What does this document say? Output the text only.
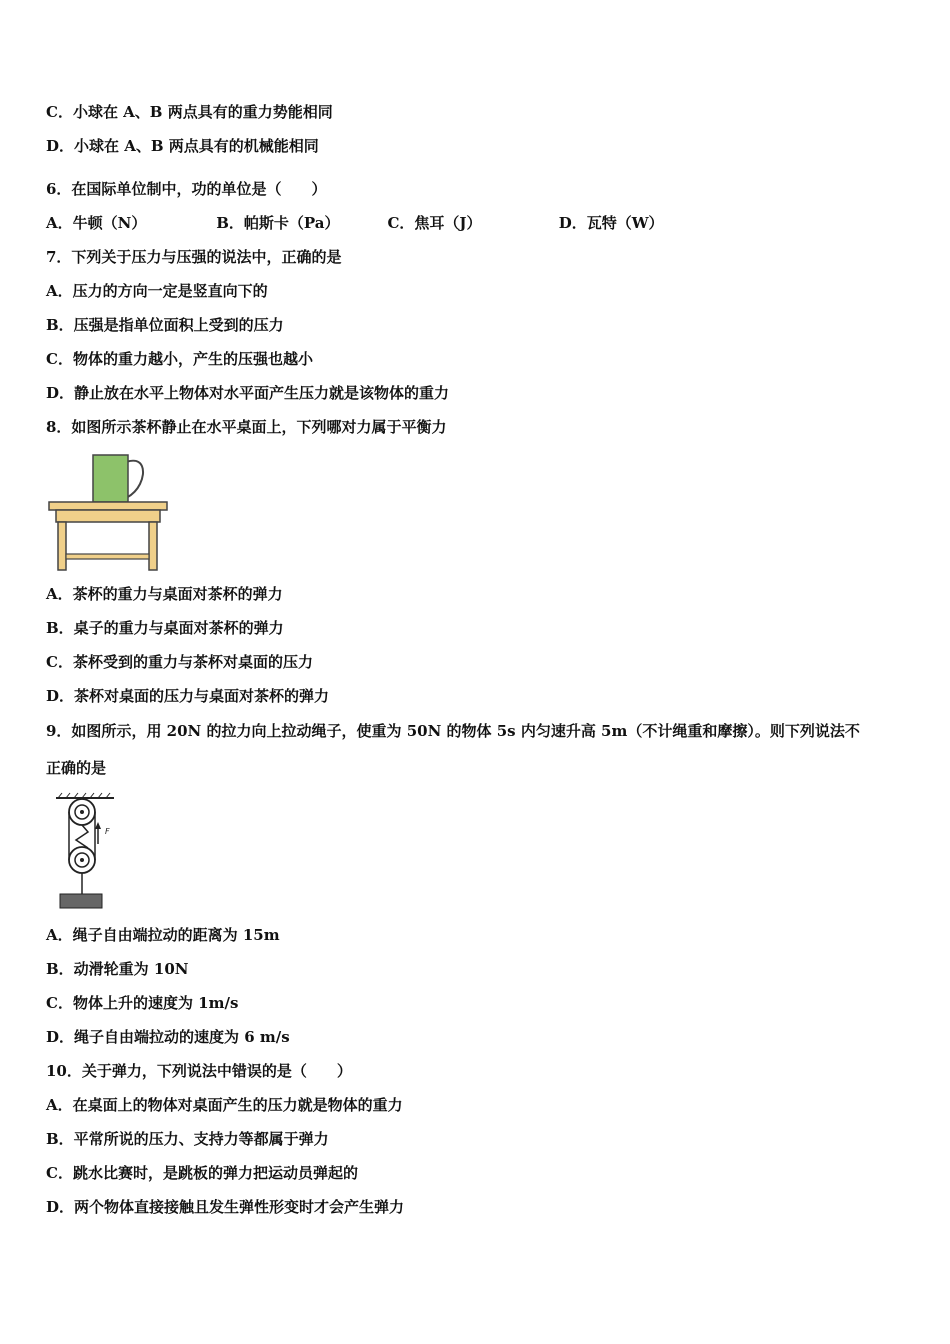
C．小球在 A、B 两点具有的重力势能相同
D．小球在 A、B 两点具有的机械能相同
6．在国际单位制中，功的单位是（　　）
A．牛顿（N）	B．帕斯卡（Pa）	C．焦耳（J）	D．瓦特（W）
7．下列关于压力与压强的说法中，正确的是
A．压力的方向一定是竖直向下的
B．压强是指单位面积上受到的压力
C．物体的重力越小，产生的压强也越小
D．静止放在水平上物体对水平面产生压力就是该物体的重力
8．如图所示茶杯静止在水平桌面上，下列哪对力属于平衡力
A．茶杯的重力与桌面对茶杯的弹力
B．桌子的重力与桌面对茶杯的弹力
C．茶杯受到的重力与茶杯对桌面的压力
D．茶杯对桌面的压力与桌面对茶杯的弹力
9．如图所示，用 20N 的拉力向上拉动绳子，使重为 50N 的物体 5s 内匀速升高 5m（不计绳重和摩擦）。则下列说法不
正确的是
F
A．绳子自由端拉动的距离为 15m
B．动滑轮重为 10N
C．物体上升的速度为 1m/s
D．绳子自由端拉动的速度为 6 m/s
10．关于弹力，下列说法中错误的是（　　）
A．在桌面上的物体对桌面产生的压力就是物体的重力
B．平常所说的压力、支持力等都属于弹力
C．跳水比赛时，是跳板的弹力把运动员弹起的
D．两个物体直接接触且发生弹性形变时才会产生弹力
